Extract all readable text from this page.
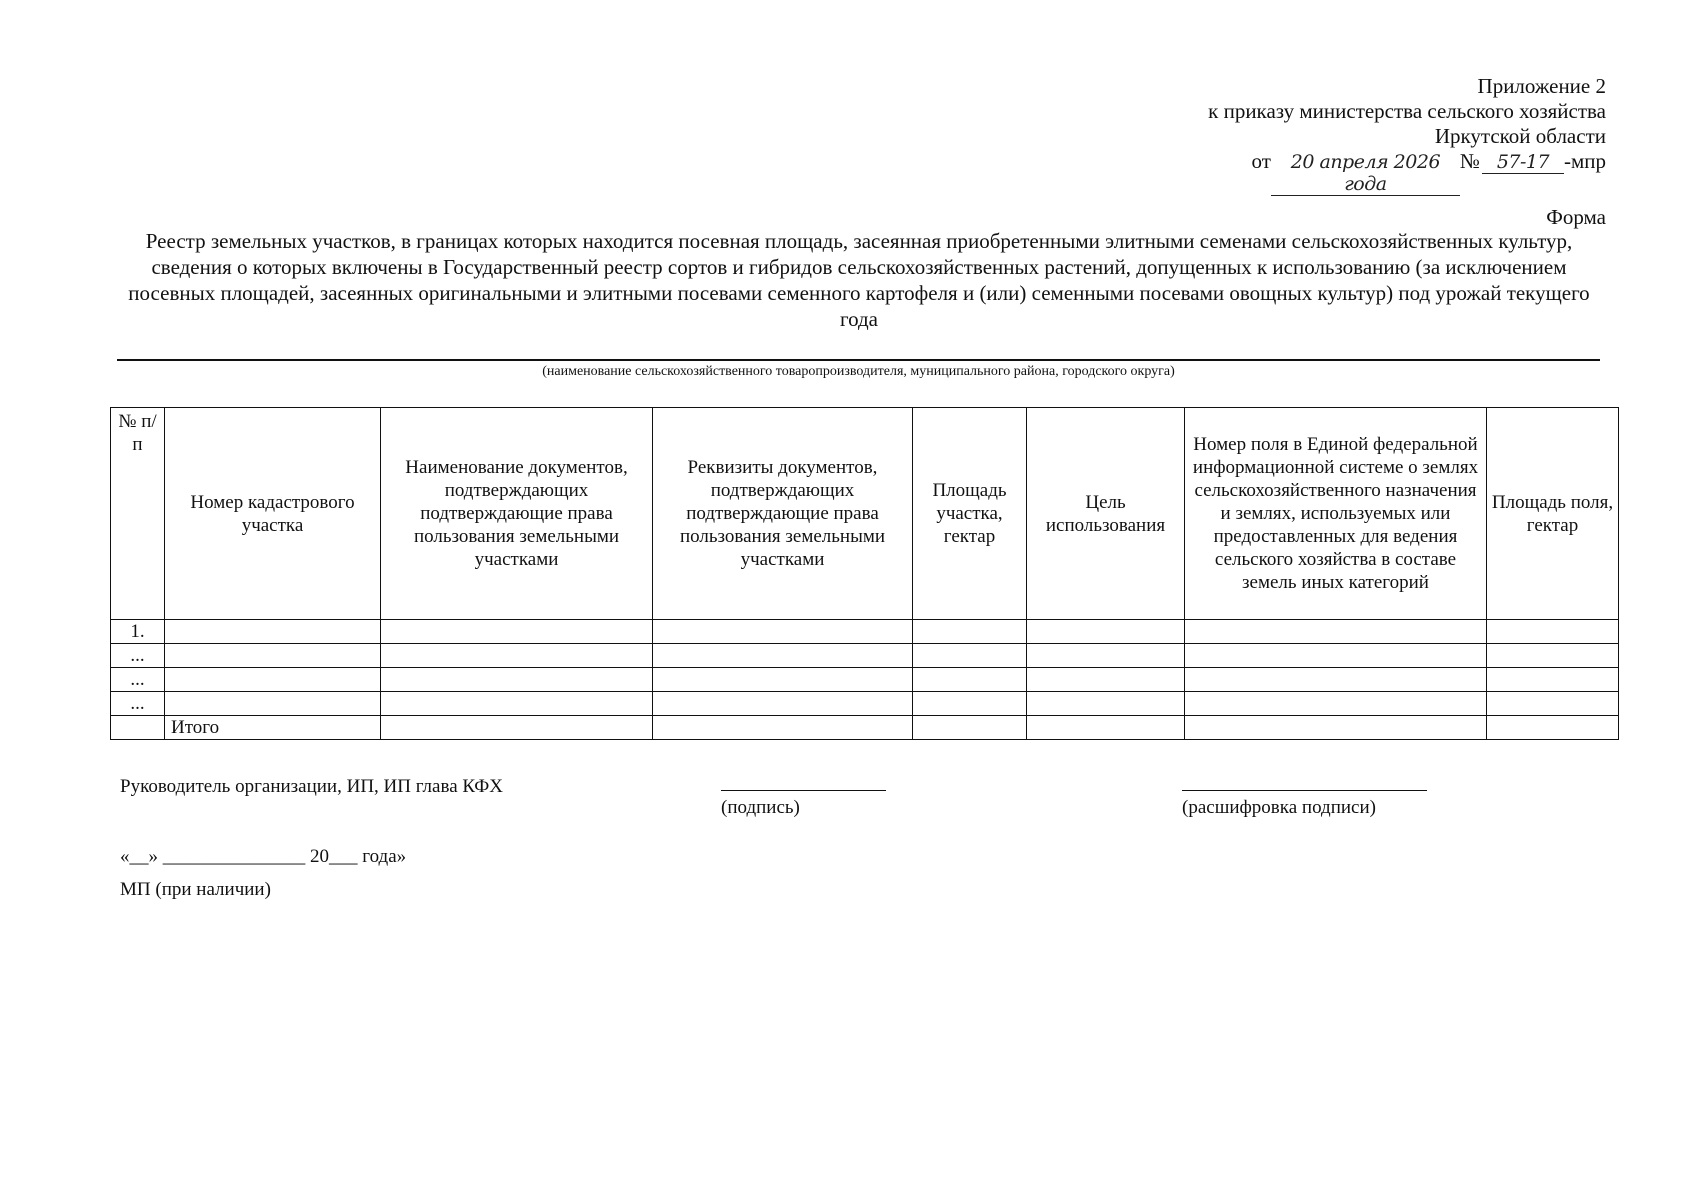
Приложение 2
к приказу министерства сельского хозяйства
Иркутской области
от	20 апреля 2026 года
№ 57-17 -мпр
Форма
Реестр земельных участков, в границах которых находится посевная площадь, засеянная приобретенными элитными семенами сельскохозяйственных культур, сведения о которых включены в Государственный реестр сортов и гибридов сельскохозяйственных растений, допущенных к использованию (за исключением посевных площадей, засеянных оригинальными и элитными посевами семенного картофеля и (или) семенными посевами овощных культур) под урожай текущего года
(наименование сельскохозяйственного товаропроизводителя, муниципального района, городского округа)
№ п/п	Номер кадастрового участка	Наименование документов, подтверждающих подтверждающие права пользования земельными участками	Реквизиты документов, подтверждающих подтверждающие права пользования земельными участками	Площадь участка, гектар	Цель использования	Номер поля в Единой федеральной информационной системе о землях сельскохозяйственного назначения и землях, используемых или предоставленных для ведения сельского хозяйства в составе земель иных категорий	Площадь поля, гектар
1.							
...							
...							
...							
	Итого						
Руководитель организации, ИП, ИП глава КФХ
(подпись)	(расшифровка подписи)
«__» _______________ 20___ года»
МП (при наличии)
